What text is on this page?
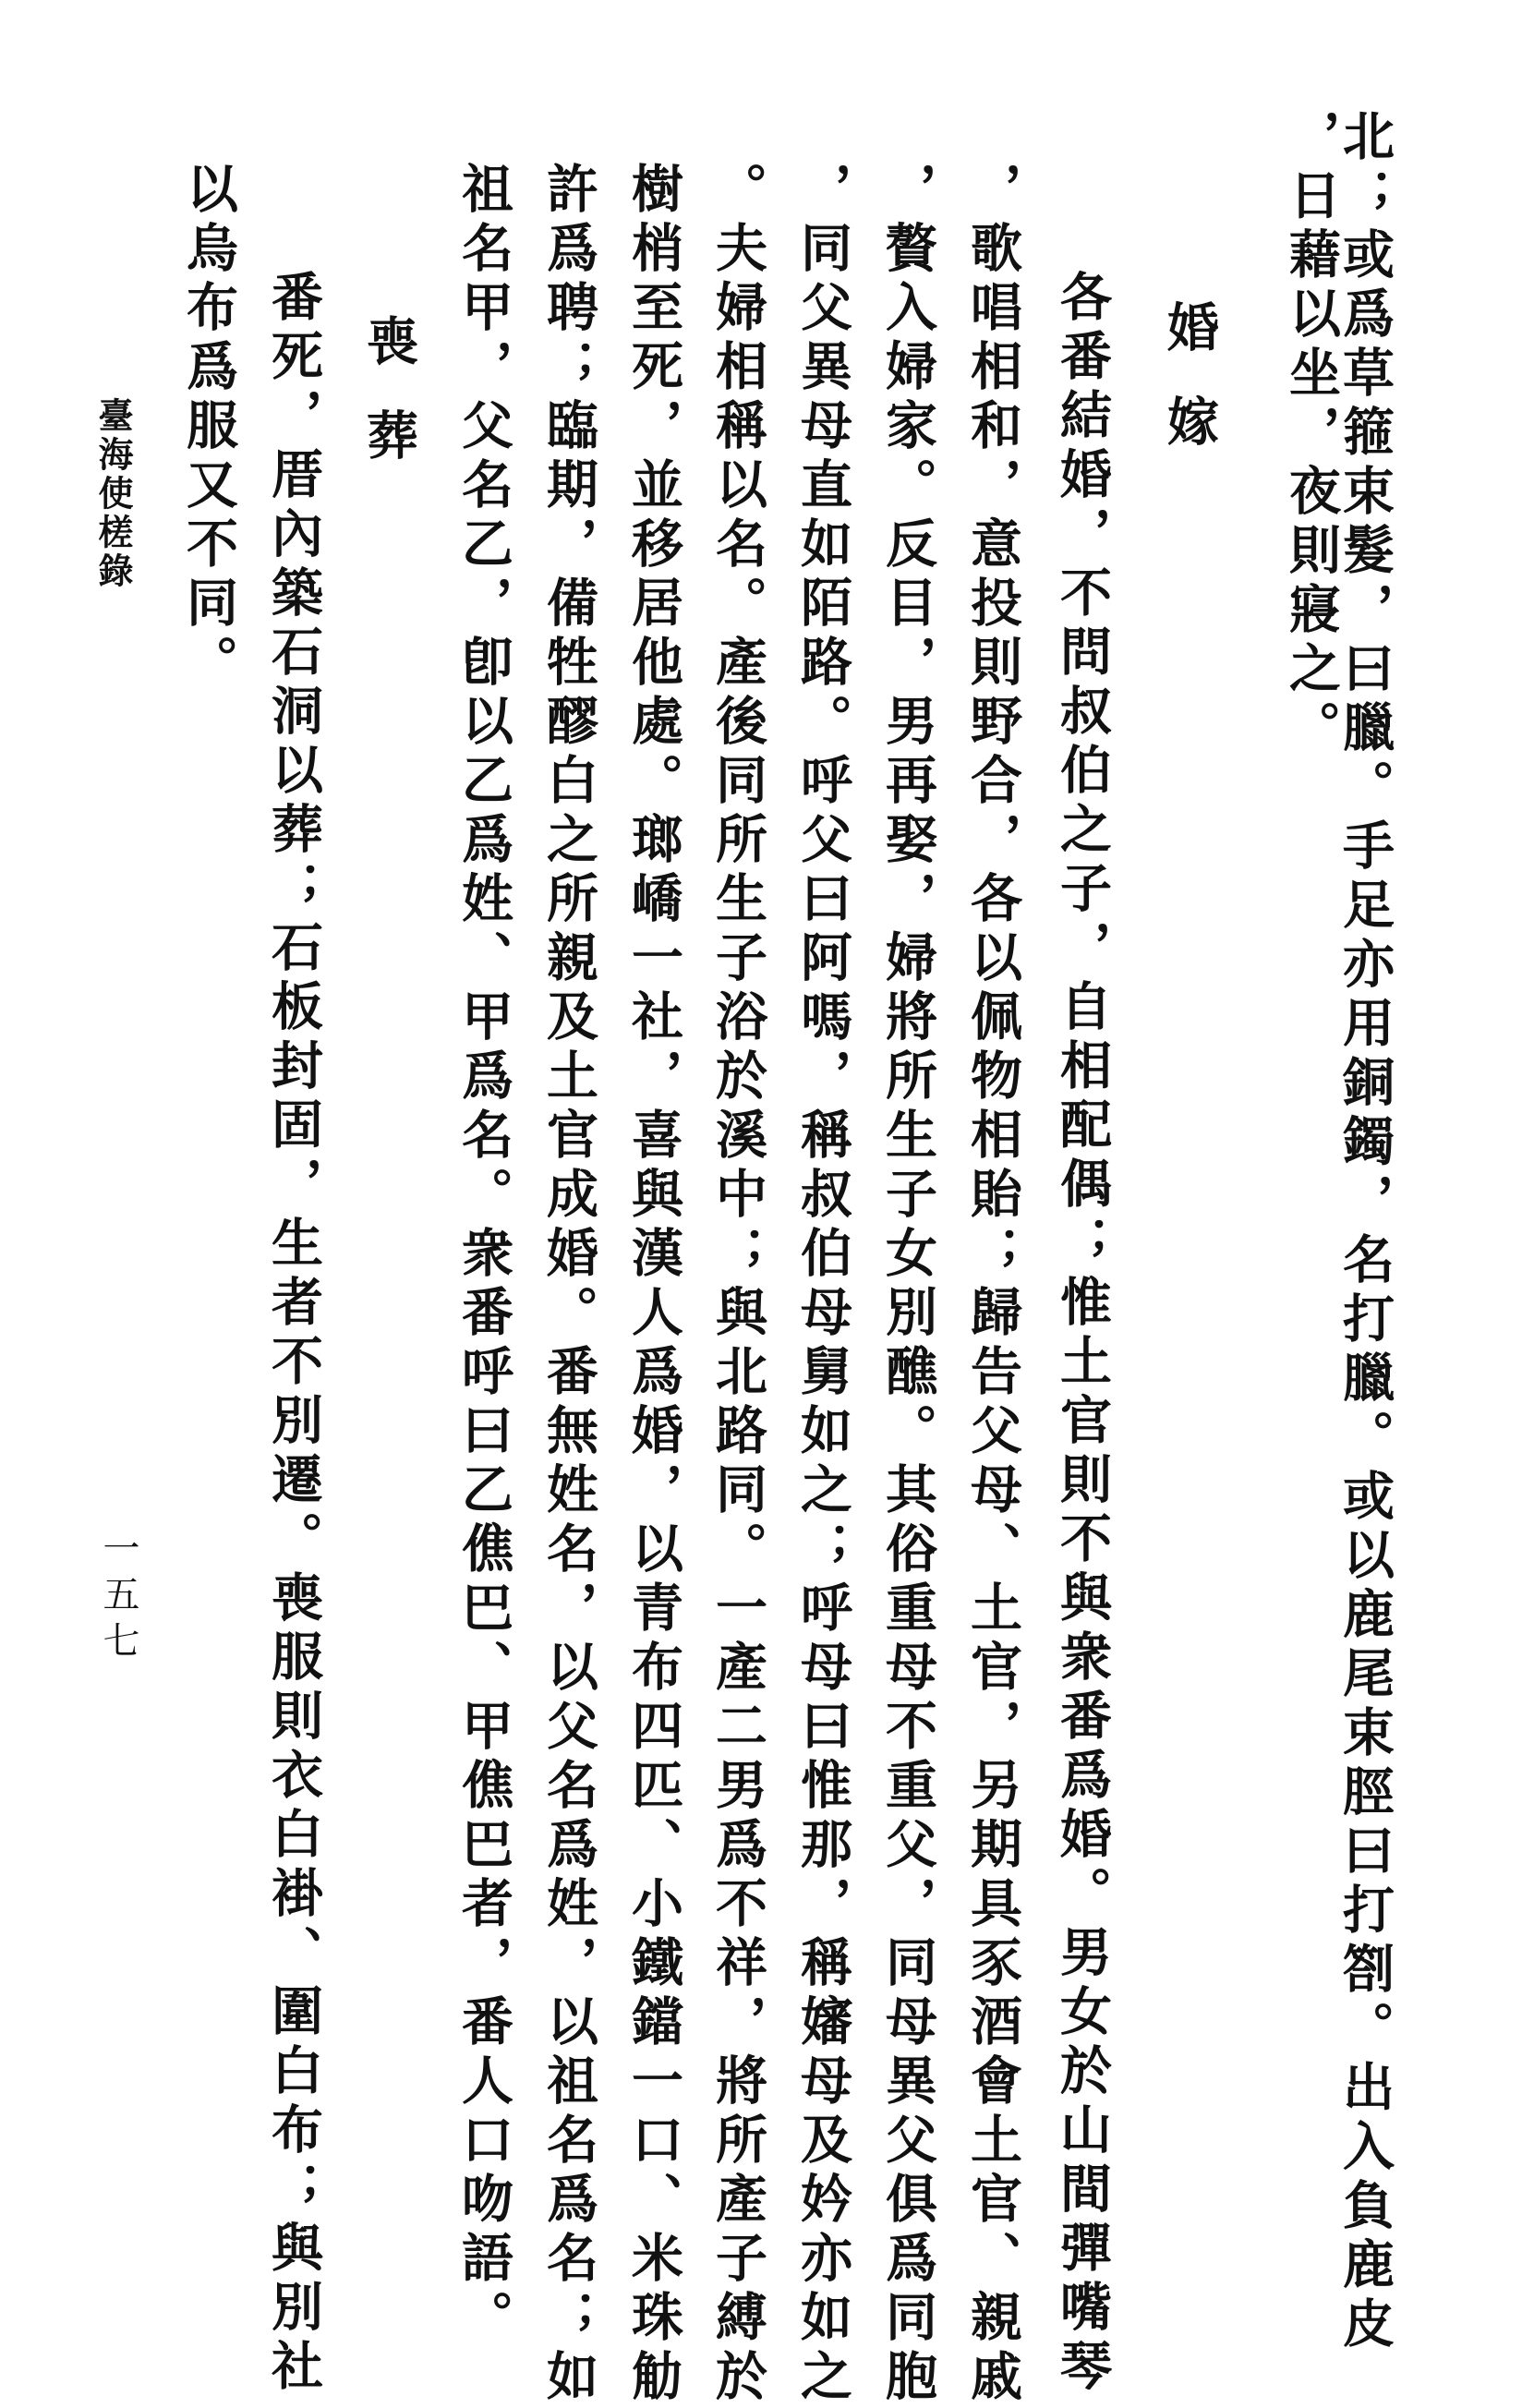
北；或爲草箍束髮，曰臘。手足亦用銅鐲，名打臘。或以鹿尾束脛曰打劄。出入負鹿皮
，日藉以坐，夜則寢之。
婚嫁
各番結婚，不問叔伯之子，自相配偶；惟土官則不與衆番爲婚。男女於山間彈嘴琴
，歌唱相和，意投則野合，各以佩物相貽；歸告父母、土官，另期具豕酒會土官、親戚
，贅入婦家。反目，男再娶，婦將所生子女別醮。其俗重母不重父，同母異父俱爲同胞
，同父異母直如陌路。呼父曰阿嗎，稱叔伯母舅如之；呼母曰惟那，稱嬸母及妗亦如之
。夫婦相稱以名。產後同所生子浴於溪中；與北路同。一產二男爲不祥，將所產子縛於
樹梢至死，並移居他處。瑯嶠一社，喜與漢人爲婚，以青布四匹、小鐵鐺一口、米珠觔
許爲聘；臨期，備牲醪白之所親及土官成婚。番無姓名，以父名爲姓，以祖名爲名；如
祖名甲，父名乙，卽以乙爲姓、甲爲名。衆番呼曰乙僬巴、甲僬巴者，番人口吻語。
喪葬
番死，厝內築石洞以葬；石板封固，生者不別遷。喪服則衣白褂、圍白布；與別社
以烏布爲服又不同。
臺海使槎錄
一五七
